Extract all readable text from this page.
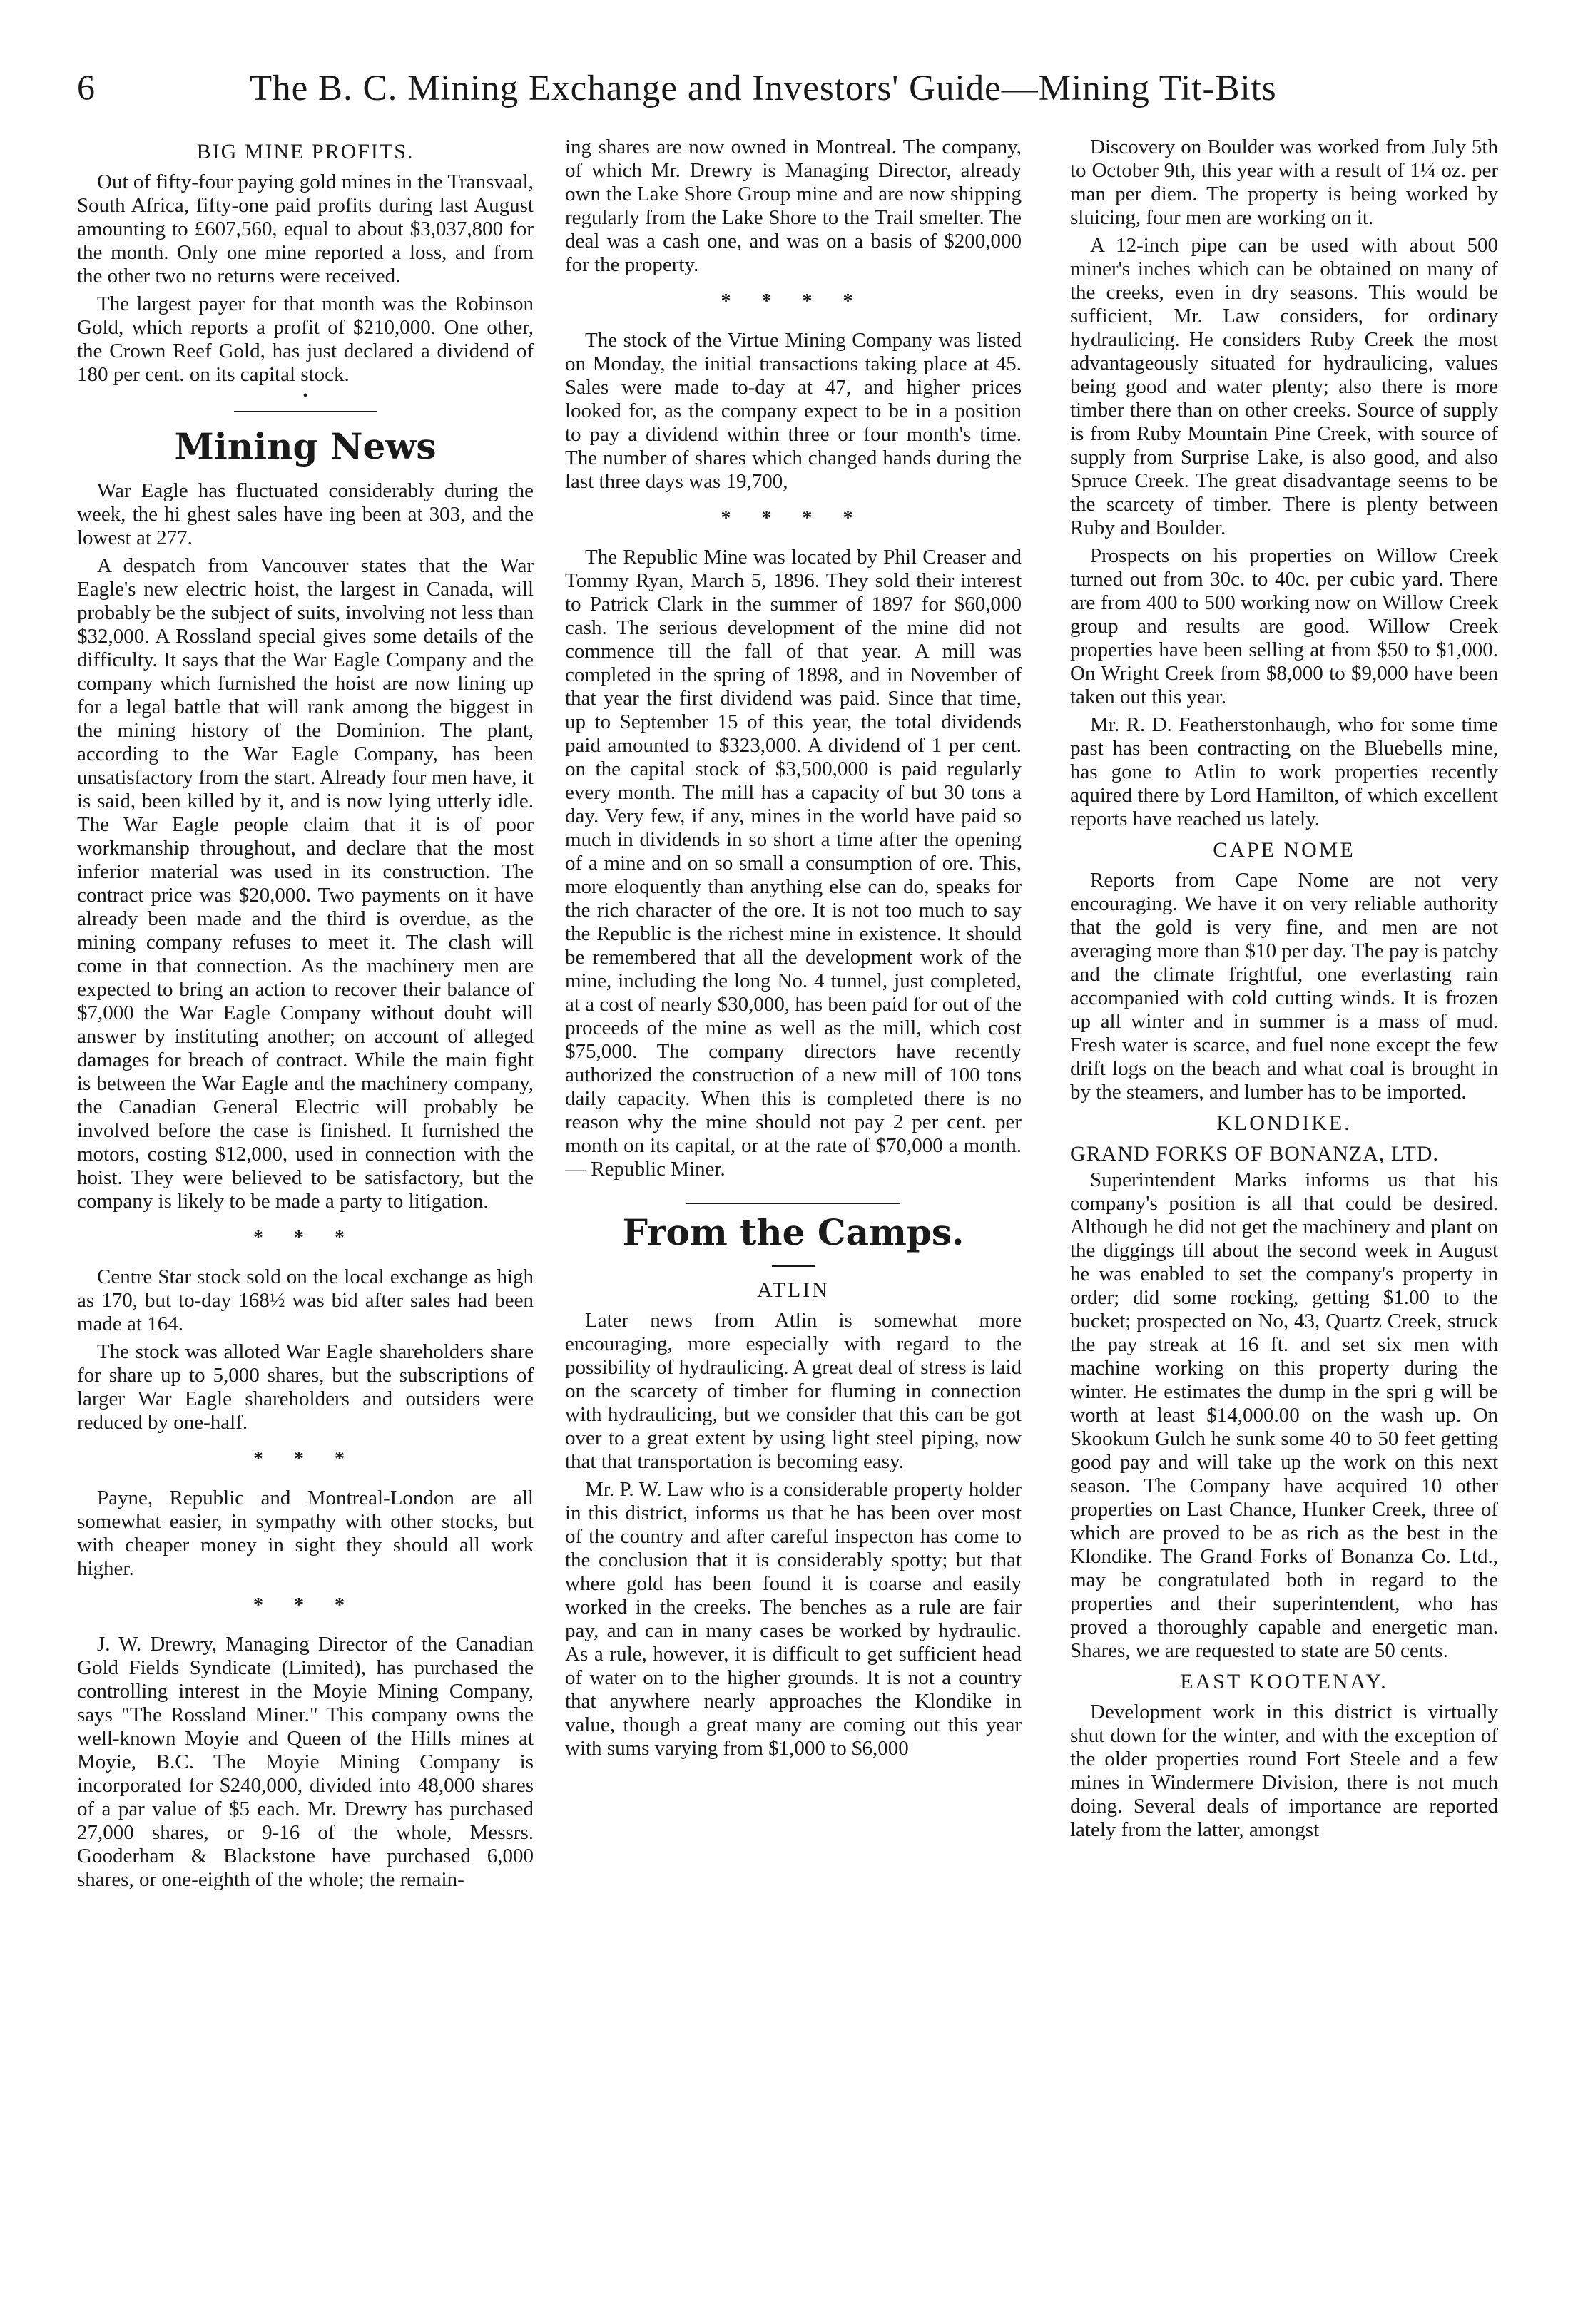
6	The B. C. Mining Exchange and Investors' Guide—Mining Tit-Bits
BIG MINE PROFITS.

Out of fifty-four paying gold mines in the Transvaal, South Africa, fifty-one paid profits during last August amounting to £607,560, equal to about $3,037,800 for the month. Only one mine reported a loss, and from the other two no returns were received.

The largest payer for that month was the Robinson Gold, which reports a profit of $210,000. One other, the Crown Reef Gold, has just declared a dividend of 180 per cent. on its capital stock.

•
Mining News

War Eagle has fluctuated considerably during the week, the hi ghest sales have ing been at 303, and the lowest at 277.

A despatch from Vancouver states that the War Eagle's new electric hoist, the largest in Canada, will probably be the subject of suits, involving not less than $32,000. A Rossland special gives some details of the difficulty. It says that the War Eagle Company and the company which furnished the hoist are now lining up for a legal battle that will rank among the biggest in the mining history of the Dominion. The plant, according to the War Eagle Company, has been unsatisfactory from the start. Already four men have, it is said, been killed by it, and is now lying utterly idle. The War Eagle people claim that it is of poor workmanship throughout, and declare that the most inferior material was used in its construction. The contract price was $20,000. Two payments on it have already been made and the third is overdue, as the mining company refuses to meet it. The clash will come in that connection. As the machinery men are expected to bring an action to recover their balance of $7,000 the War Eagle Company without doubt will answer by instituting another; on account of alleged damages for breach of contract. While the main fight is between the War Eagle and the machinery company, the Canadian General Electric will probably be involved before the case is finished. It furnished the motors, costing $12,000, used in connection with the hoist. They were believed to be satisfactory, but the company is likely to be made a party to litigation.

* * *

Centre Star stock sold on the local exchange as high as 170, but to-day 168½ was bid after sales had been made at 164.

The stock was alloted War Eagle shareholders share for share up to 5,000 shares, but the subscriptions of larger War Eagle shareholders and outsiders were reduced by one-half.

* * *

Payne, Republic and Montreal-London are all somewhat easier, in sympathy with other stocks, but with cheaper money in sight they should all work higher.

* * *

J. W. Drewry, Managing Director of the Canadian Gold Fields Syndicate (Limited), has purchased the controlling interest in the Moyie Mining Company, says "The Rossland Miner." This company owns the well-known Moyie and Queen of the Hills mines at Moyie, B.C. The Moyie Mining Company is incorporated for $240,000, divided into 48,000 shares of a par value of $5 each. Mr. Drewry has purchased 27,000 shares, or 9-16 of the whole, Messrs. Gooderham & Blackstone have purchased 6,000 shares, or one-eighth of the whole; the remain-

ing shares are now owned in Montreal. The company, of which Mr. Drewry is Managing Director, already own the Lake Shore Group mine and are now shipping regularly from the Lake Shore to the Trail smelter. The deal was a cash one, and was on a basis of $200,000 for the property.

* * * *

The stock of the Virtue Mining Company was listed on Monday, the initial transactions taking place at 45. Sales were made to-day at 47, and higher prices looked for, as the company expect to be in a position to pay a dividend within three or four month's time. The number of shares which changed hands during the last three days was 19,700,

* * * *

The Republic Mine was located by Phil Creaser and Tommy Ryan, March 5, 1896. They sold their interest to Patrick Clark in the summer of 1897 for $60,000 cash. The serious development of the mine did not commence till the fall of that year. A mill was completed in the spring of 1898, and in November of that year the first dividend was paid. Since that time, up to September 15 of this year, the total dividends paid amounted to $323,000. A dividend of 1 per cent. on the capital stock of $3,500,000 is paid regularly every month. The mill has a capacity of but 30 tons a day. Very few, if any, mines in the world have paid so much in dividends in so short a time after the opening of a mine and on so small a consumption of ore. This, more eloquently than anything else can do, speaks for the rich character of the ore. It is not too much to say the Republic is the richest mine in existence. It should be remembered that all the development work of the mine, including the long No. 4 tunnel, just completed, at a cost of nearly $30,000, has been paid for out of the proceeds of the mine as well as the mill, which cost $75,000. The company directors have recently authorized the construction of a new mill of 100 tons daily capacity. When this is completed there is no reason why the mine should not pay 2 per cent. per month on its capital, or at the rate of $70,000 a month. — Republic Miner.

From the Camps.
ATLIN

Later news from Atlin is somewhat more encouraging, more especially with regard to the possibility of hydraulicing. A great deal of stress is laid on the scarcety of timber for fluming in connection with hydraulicing, but we consider that this can be got over to a great extent by using light steel piping, now that that transportation is becoming easy.

Mr. P. W. Law who is a considerable property holder in this district, informs us that he has been over most of the country and after careful inspecton has come to the conclusion that it is considerably spotty; but that where gold has been found it is coarse and easily worked in the creeks. The benches as a rule are fair pay, and can in many cases be worked by hydraulic. As a rule, however, it is difficult to get sufficient head of water on to the higher grounds. It is not a country that anywhere nearly approaches the Klondike in value, though a great many are coming out this year with sums varying from $1,000 to $6,000

Discovery on Boulder was worked from July 5th to October 9th, this year with a result of 1¼ oz. per man per diem. The property is being worked by sluicing, four men are working on it.

A 12-inch pipe can be used with about 500 miner's inches which can be obtained on many of the creeks, even in dry seasons. This would be sufficient, Mr. Law considers, for ordinary hydraulicing. He considers Ruby Creek the most advantageously situated for hydraulicing, values being good and water plenty; also there is more timber there than on other creeks. Source of supply is from Ruby Mountain Pine Creek, with source of supply from Surprise Lake, is also good, and also Spruce Creek. The great disadvantage seems to be the scarcety of timber. There is plenty between Ruby and Boulder.

Prospects on his properties on Willow Creek turned out from 30c. to 40c. per cubic yard. There are from 400 to 500 working now on Willow Creek group and results are good. Willow Creek properties have been selling at from $50 to $1,000. On Wright Creek from $8,000 to $9,000 have been taken out this year.

Mr. R. D. Featherstonhaugh, who for some time past has been contracting on the Bluebells mine, has gone to Atlin to work properties recently aquired there by Lord Hamilton, of which excellent reports have reached us lately.

CAPE NOME

Reports from Cape Nome are not very encouraging. We have it on very reliable authority that the gold is very fine, and men are not averaging more than $10 per day. The pay is patchy and the climate frightful, one everlasting rain accompanied with cold cutting winds. It is frozen up all winter and in summer is a mass of mud. Fresh water is scarce, and fuel none except the few drift logs on the beach and what coal is brought in by the steamers, and lumber has to be imported.

KLONDIKE.
GRAND FORKS OF BONANZA, LTD.

Superintendent Marks informs us that his company's position is all that could be desired. Although he did not get the machinery and plant on the diggings till about the second week in August he was enabled to set the company's property in order; did some rocking, getting $1.00 to the bucket; prospected on No, 43, Quartz Creek, struck the pay streak at 16 ft. and set six men with machine working on this property during the winter. He estimates the dump in the spri g will be worth at least $14,000.00 on the wash up. On Skookum Gulch he sunk some 40 to 50 feet getting good pay and will take up the work on this next season. The Company have acquired 10 other properties on Last Chance, Hunker Creek, three of which are proved to be as rich as the best in the Klondike. The Grand Forks of Bonanza Co. Ltd., may be congratulated both in regard to the properties and their superintendent, who has proved a thoroughly capable and energetic man. Shares, we are requested to state are 50 cents.

EAST KOOTENAY.

Development work in this district is virtually shut down for the winter, and with the exception of the older properties round Fort Steele and a few mines in Windermere Division, there is not much doing. Several deals of importance are reported lately from the latter, amongst
